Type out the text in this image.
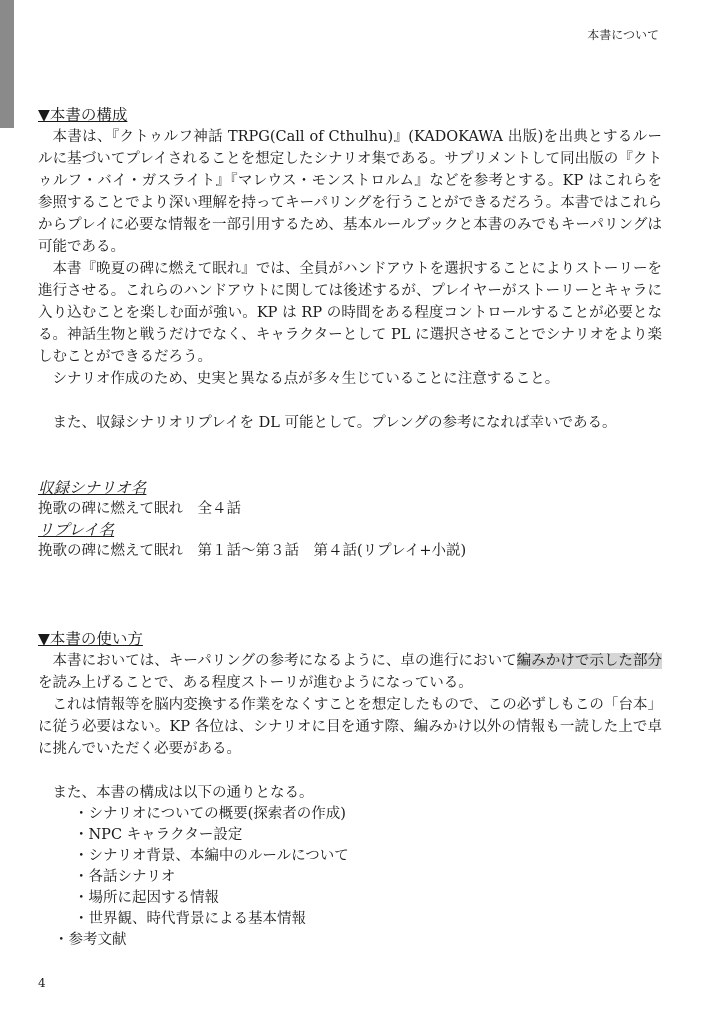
本書について
▼本書の構成

本書は、『クトゥルフ神話 TRPG(Call of Cthulhu)』(KADOKAWA 出版)を出典とするルールに基づいてプレイされることを想定したシナリオ集である。サプリメントして同出版の『クトゥルフ・バイ・ガスライト』『マレウス・モンストロルム』などを参考とする。KP はこれらを参照することでより深い理解を持ってキーパリングを行うことができるだろう。本書ではこれらからプレイに必要な情報を一部引用するため、基本ルールブックと本書のみでもキーパリングは可能である。

本書『晩夏の碑に燃えて眠れ』では、全員がハンドアウトを選択することによりストーリーを進行させる。これらのハンドアウトに関しては後述するが、プレイヤーがストーリーとキャラに入り込むことを楽しむ面が強い。KP は RP の時間をある程度コントロールすることが必要となる。神話生物と戦うだけでなく、キャラクターとして PL に選択させることでシナリオをより楽しむことができるだろう。

シナリオ作成のため、史実と異なる点が多々生じていることに注意すること。

また、収録シナリオリプレイを DL 可能として。プレングの参考になれば幸いである。

収録シナリオ名
挽歌の碑に燃えて眠れ　全４話
リプレイ名
挽歌の碑に燃えて眠れ　第１話〜第３話　第４話(リプレイ+小説)
▼本書の使い方

本書においては、キーパリングの参考になるように、卓の進行において編みかけで示した部分を読み上げることで、ある程度ストーリが進むようになっている。

これは情報等を脳内変換する作業をなくすことを想定したもので、この必ずしもこの「台本」に従う必要はない。KP 各位は、シナリオに目を通す際、編みかけ以外の情報も一読した上で卓に挑んでいただく必要がある。

また、本書の構成は以下の通りとなる。

・シナリオについての概要(探索者の作成)
・NPC キャラクター設定
・シナリオ背景、本編中のルールについて
・各話シナリオ
・場所に起因する情報
・世界観、時代背景による基本情報
・参考文献
4
